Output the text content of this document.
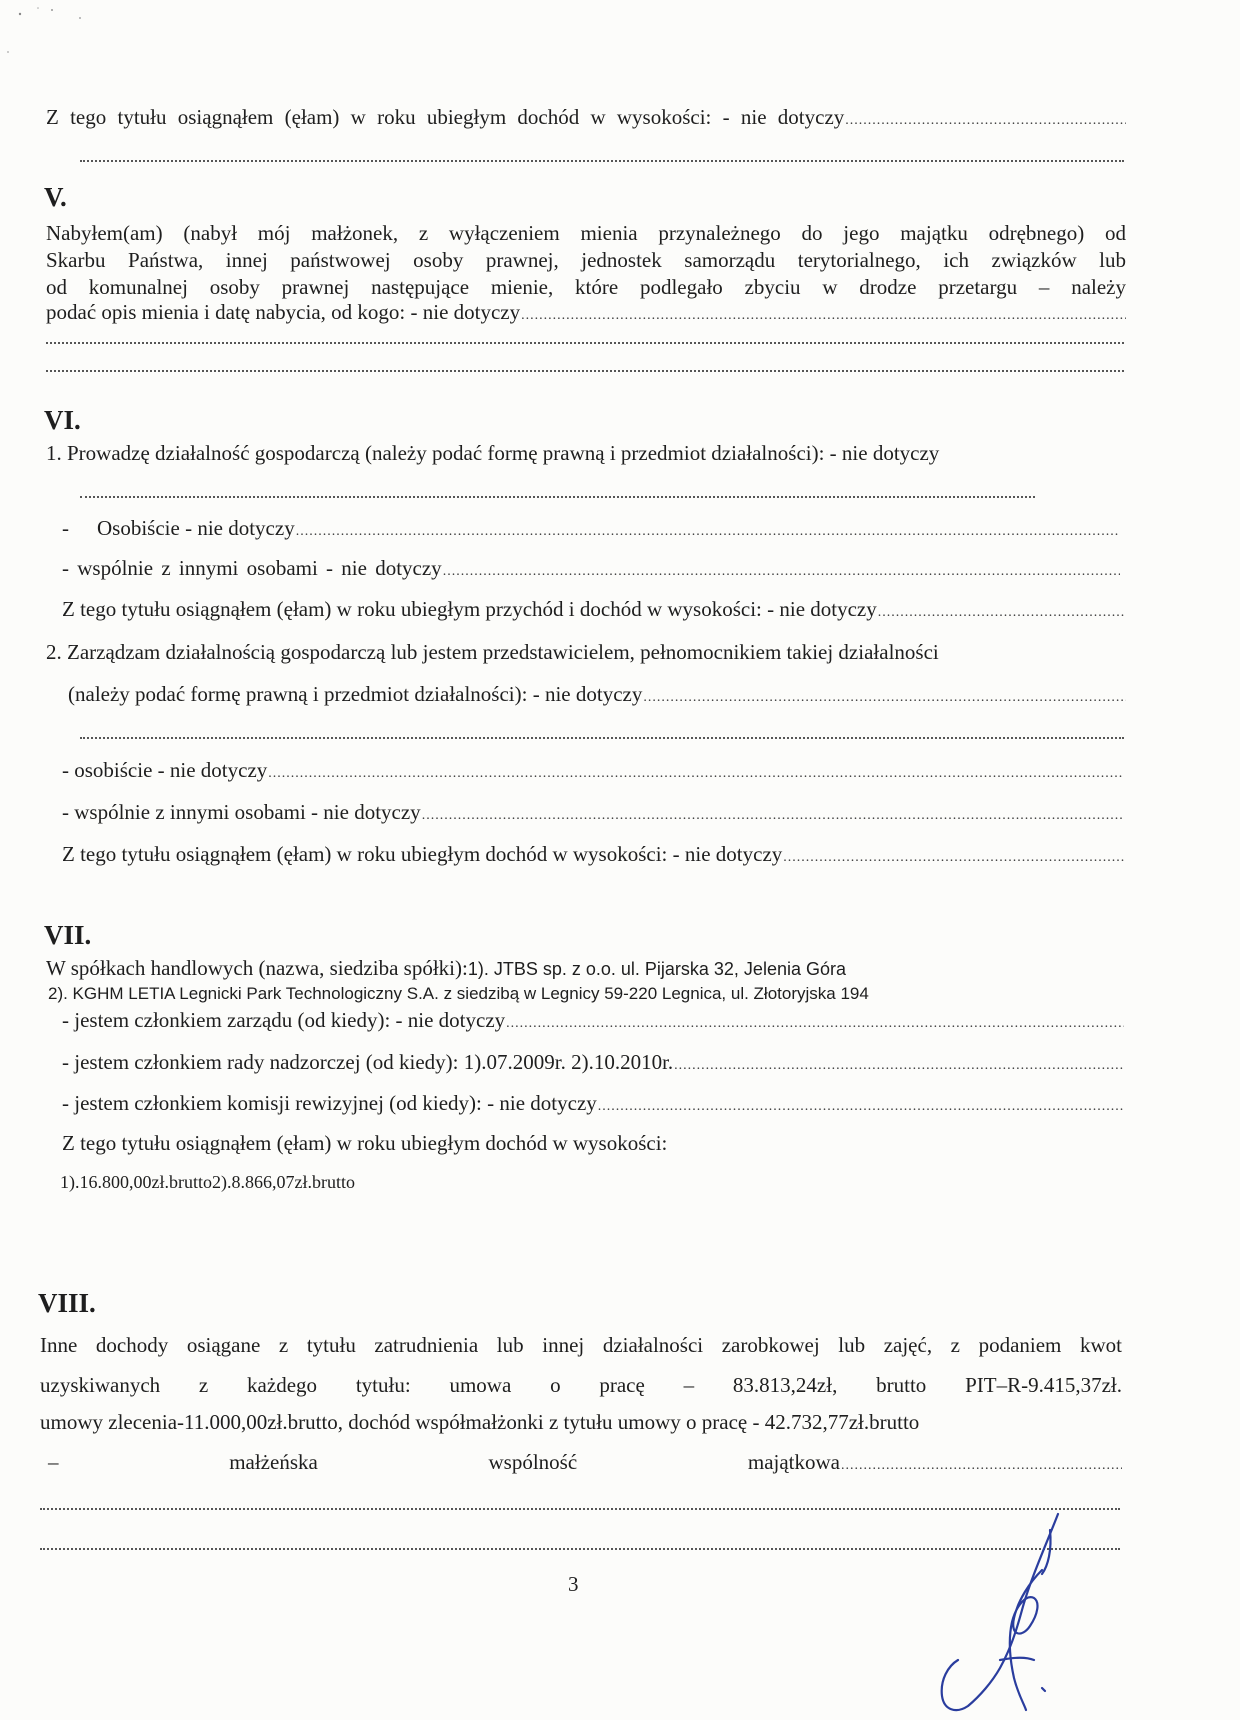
Z tego tytułu osiągnąłem (ęłam) w roku ubiegłym dochód w wysokości: - nie dotyczy
.....
V.
Nabyłem(am) (nabył mój małżonek, z wyłączeniem mienia przynależnego do jego majątku odrębnego) od
Skarbu Państwa, innej państwowej osoby prawnej, jednostek samorządu terytorialnego, ich związków lub
od komunalnej osoby prawnej następujące mienie, które podlegało zbyciu w drodze przetargu – należy
podać opis mienia i datę nabycia, od kogo: - nie dotyczy
.....
VI.
1. Prowadzę działalność gospodarczą (należy podać formę prawną i przedmiot działalności): - nie dotyczy
- Osobiście - nie dotyczy
.....
- wspólnie z innymi osobami - nie dotyczy
.....
Z tego tytułu osiągnąłem (ęłam) w roku ubiegłym przychód i dochód w wysokości: - nie dotyczy
.....
2. Zarządzam działalnością gospodarczą lub jestem przedstawicielem, pełnomocnikiem takiej działalności
(należy podać formę prawną i przedmiot działalności): - nie dotyczy
.....
- osobiście - nie dotyczy
.....
- wspólnie z innymi osobami - nie dotyczy
.....
Z tego tytułu osiągnąłem (ęłam) w roku ubiegłym dochód w wysokości: - nie dotyczy
.....
VII.
W spółkach handlowych (nazwa, siedziba spółki): 1). JTBS sp. z o.o. ul. Pijarska 32, Jelenia Góra
2). KGHM LETIA Legnicki Park Technologiczny S.A. z siedzibą w Legnicy 59-220 Legnica, ul. Złotoryjska 194
- jestem członkiem zarządu (od kiedy): - nie dotyczy
.....
- jestem członkiem rady nadzorczej (od kiedy): 1).07.2009r. 2).10.2010r.
.....
- jestem członkiem komisji rewizyjnej (od kiedy): - nie dotyczy
.....
Z tego tytułu osiągnąłem (ęłam) w roku ubiegłym dochód w wysokości:
1).16.800,00zł.brutto2).8.866,07zł.brutto
VIII.
Inne dochody osiągane z tytułu zatrudnienia lub innej działalności zarobkowej lub zajęć, z podaniem kwot
uzyskiwanych z każdego tytułu: umowa o pracę – 83.813,24zł, brutto PIT–R-9.415,37zł.
umowy zlecenia-11.000,00zł.brutto, dochód współmałżonki z tytułu umowy o pracę - 42.732,77zł.brutto
–	małżeńska	wspólność	majątkowa
.....
3
